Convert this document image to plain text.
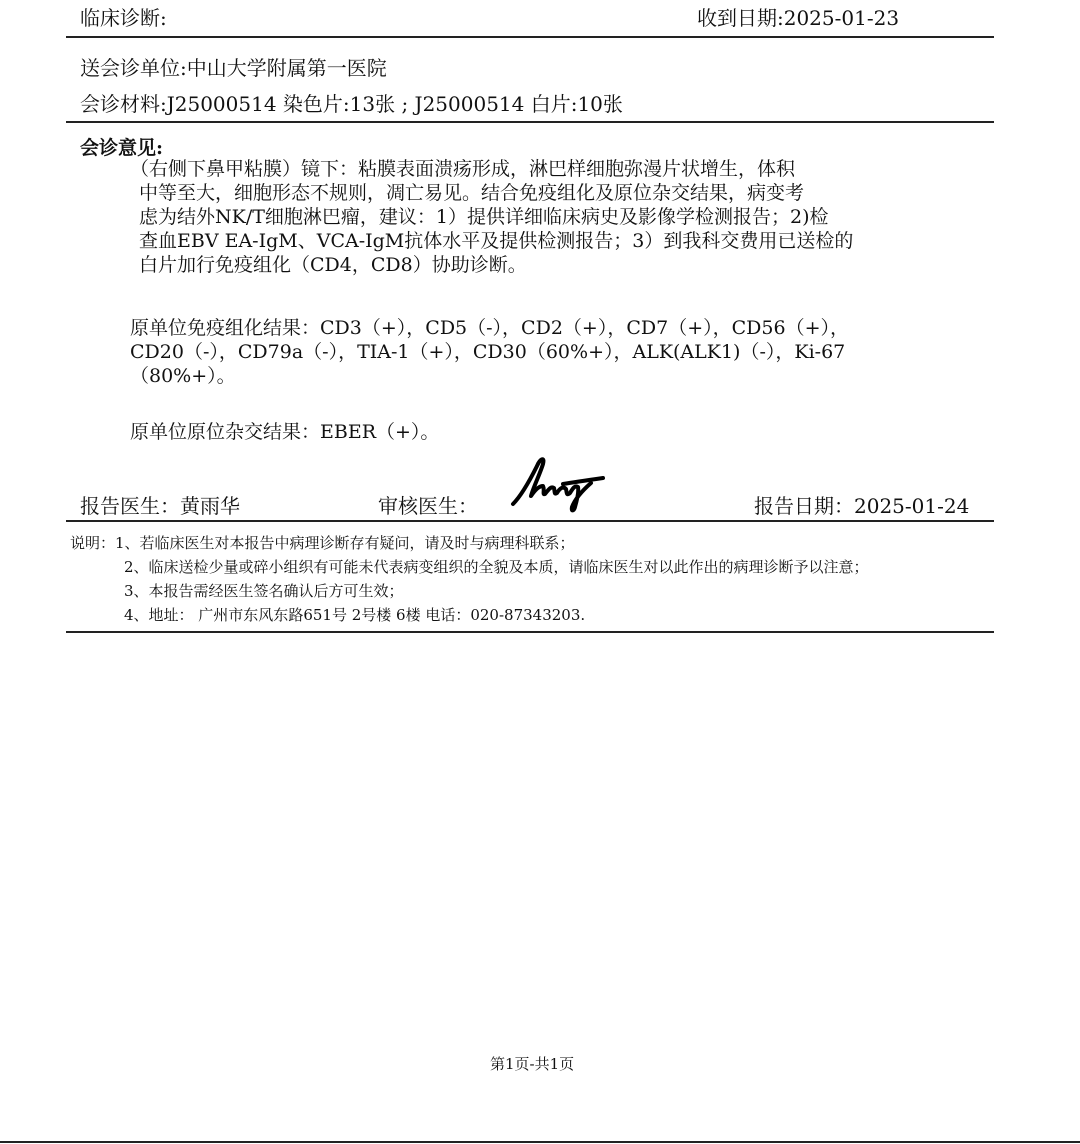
临床诊断:	收到日期:2025-01-23
送会诊单位:中山大学附属第一医院
会诊材料:J25000514 染色片:13张 ; J25000514 白片:10张
会诊意见:
（右侧下鼻甲粘膜）镜下：粘膜表面溃疡形成，淋巴样细胞弥漫片状增生，体积
中等至大，细胞形态不规则，凋亡易见。结合免疫组化及原位杂交结果，病变考
虑为结外NK/T细胞淋巴瘤，建议：1）提供详细临床病史及影像学检测报告；2)检
查血EBV EA-IgM、VCA-IgM抗体水平及提供检测报告；3）到我科交费用已送检的
白片加行免疫组化（CD4，CD8）协助诊断。
原单位免疫组化结果：CD3（+），CD5（-），CD2（+），CD7（+），CD56（+），
CD20（-），CD79a（-），TIA-1（+），CD30（60%+），ALK(ALK1)（-），Ki-67
（80%+）。
原单位原位杂交结果：EBER（+）。
报告医生：黄雨华	审核医生：	报告日期：2025-01-24
说明：1、若临床医生对本报告中病理诊断存有疑问，请及时与病理科联系；
2、临床送检少量或碎小组织有可能未代表病变组织的全貌及本质，请临床医生对以此作出的病理诊断予以注意；
3、本报告需经医生签名确认后方可生效；
4、地址： 广州市东风东路651号 2号楼 6楼 电话：020-87343203.
第1页-共1页
